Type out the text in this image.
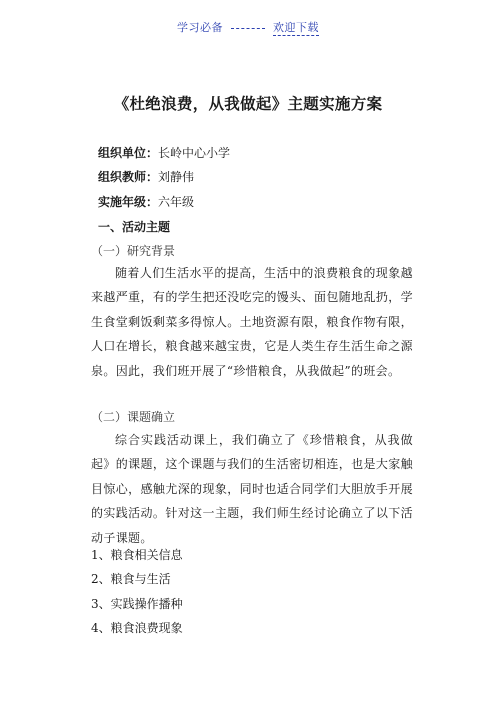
学习必备	欢迎下载
《杜绝浪费，从我做起》主题实施方案
组织单位：长岭中心小学
组织教师：刘静伟
实施年级：六年级
一、活动主题
（一）研究背景
随着人们生活水平的提高，生活中的浪费粮食的现象越来越严重，有的学生把还没吃完的馒头、面包随地乱扔，学生食堂剩饭剩菜多得惊人。土地资源有限，粮食作物有限，人口在增长，粮食越来越宝贵，它是人类生存生活生命之源泉。因此，我们班开展了“珍惜粮食，从我做起”的班会。
（二）课题确立
综合实践活动课上，我们确立了《珍惜粮食，从我做起》的课题，这个课题与我们的生活密切相连，也是大家触目惊心，感触尤深的现象，同时也适合同学们大胆放手开展的实践活动。针对这一主题，我们师生经讨论确立了以下活动子课题。
1、粮食相关信息
2、粮食与生活
3、实践操作播种
4、粮食浪费现象
